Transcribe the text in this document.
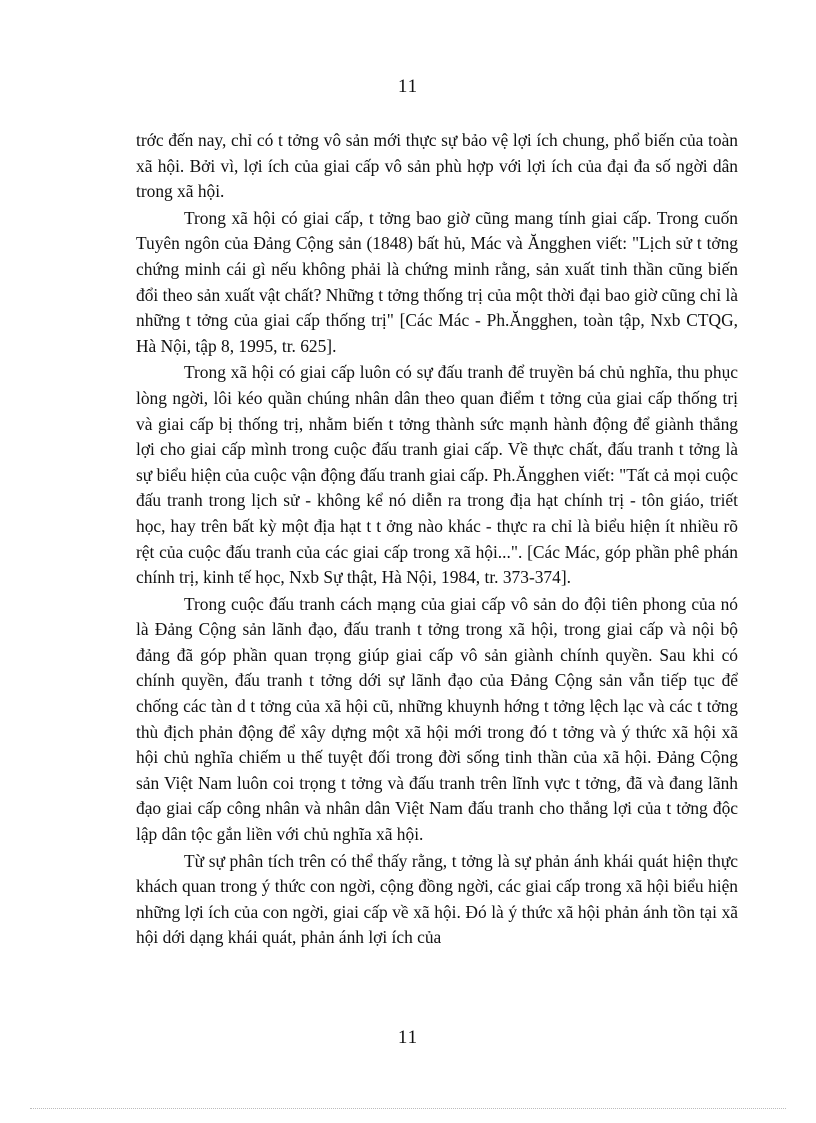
11

trớc đến nay, chỉ có t tởng vô sản mới thực sự bảo vệ lợi ích chung, phổ biến của toàn xã hội. Bởi vì, lợi ích của giai cấp vô sản phù hợp với lợi ích của đại đa số ngời dân trong xã hội.

Trong xã hội có giai cấp, t tởng bao giờ cũng mang tính giai cấp. Trong cuốn Tuyên ngôn của Đảng Cộng sản (1848) bất hủ, Mác và Ăngghen viết: "Lịch sử t tởng chứng minh cái gì nếu không phải là chứng minh rằng, sản xuất tinh thần cũng biến đổi theo sản xuất vật chất? Những t tởng thống trị của một thời đại bao giờ cũng chỉ là những t tởng của giai cấp thống trị" [Các Mác - Ph.Ăngghen, toàn tập, Nxb CTQG, Hà Nội, tập 8, 1995, tr. 625].

Trong xã hội có giai cấp luôn có sự đấu tranh để truyền bá chủ nghĩa, thu phục lòng ngời, lôi kéo quần chúng nhân dân theo quan điểm t tởng của giai cấp thống trị và giai cấp bị thống trị, nhằm biến t tởng thành sức mạnh hành động để giành thắng lợi cho giai cấp mình trong cuộc đấu tranh giai cấp. Về thực chất, đấu tranh t tởng là sự biểu hiện của cuộc vận động đấu tranh giai cấp. Ph.Ăngghen viết: "Tất cả mọi cuộc đấu tranh trong lịch sử - không kể nó diễn ra trong địa hạt chính trị - tôn giáo, triết học, hay trên bất kỳ một địa hạt t t ởng nào khác - thực ra chỉ là biểu hiện ít nhiều rõ rệt của cuộc đấu tranh của các giai cấp trong xã hội...". [Các Mác, góp phần phê phán chính trị, kinh tế học, Nxb Sự thật, Hà Nội, 1984, tr. 373-374].

Trong cuộc đấu tranh cách mạng của giai cấp vô sản do đội tiên phong của nó là Đảng Cộng sản lãnh đạo, đấu tranh t tởng trong xã hội, trong giai cấp và nội bộ đảng đã góp phần quan trọng giúp giai cấp vô sản giành chính quyền. Sau khi có chính quyền, đấu tranh t tởng dới sự lãnh đạo của Đảng Cộng sản vẫn tiếp tục để chống các tàn d t tởng của xã hội cũ, những khuynh hớng t tởng lệch lạc và các t tởng thù địch phản động để xây dựng một xã hội mới trong đó t tởng và ý thức xã hội xã hội chủ nghĩa chiếm u thế tuyệt đối trong đời sống tinh thần của xã hội. Đảng Cộng sản Việt Nam luôn coi trọng t tởng và đấu tranh trên lĩnh vực t tởng, đã và đang lãnh đạo giai cấp công nhân và nhân dân Việt Nam đấu tranh cho thắng lợi của t tởng độc lập dân tộc gắn liền với chủ nghĩa xã hội.

Từ sự phân tích trên có thể thấy rằng, t tởng là sự phản ánh khái quát hiện thực khách quan trong ý thức con ngời, cộng đồng ngời, các giai cấp trong xã hội biểu hiện những lợi ích của con ngời, giai cấp về xã hội. Đó là ý thức xã hội phản ánh tồn tại xã hội dới dạng khái quát, phản ánh lợi ích của

11
